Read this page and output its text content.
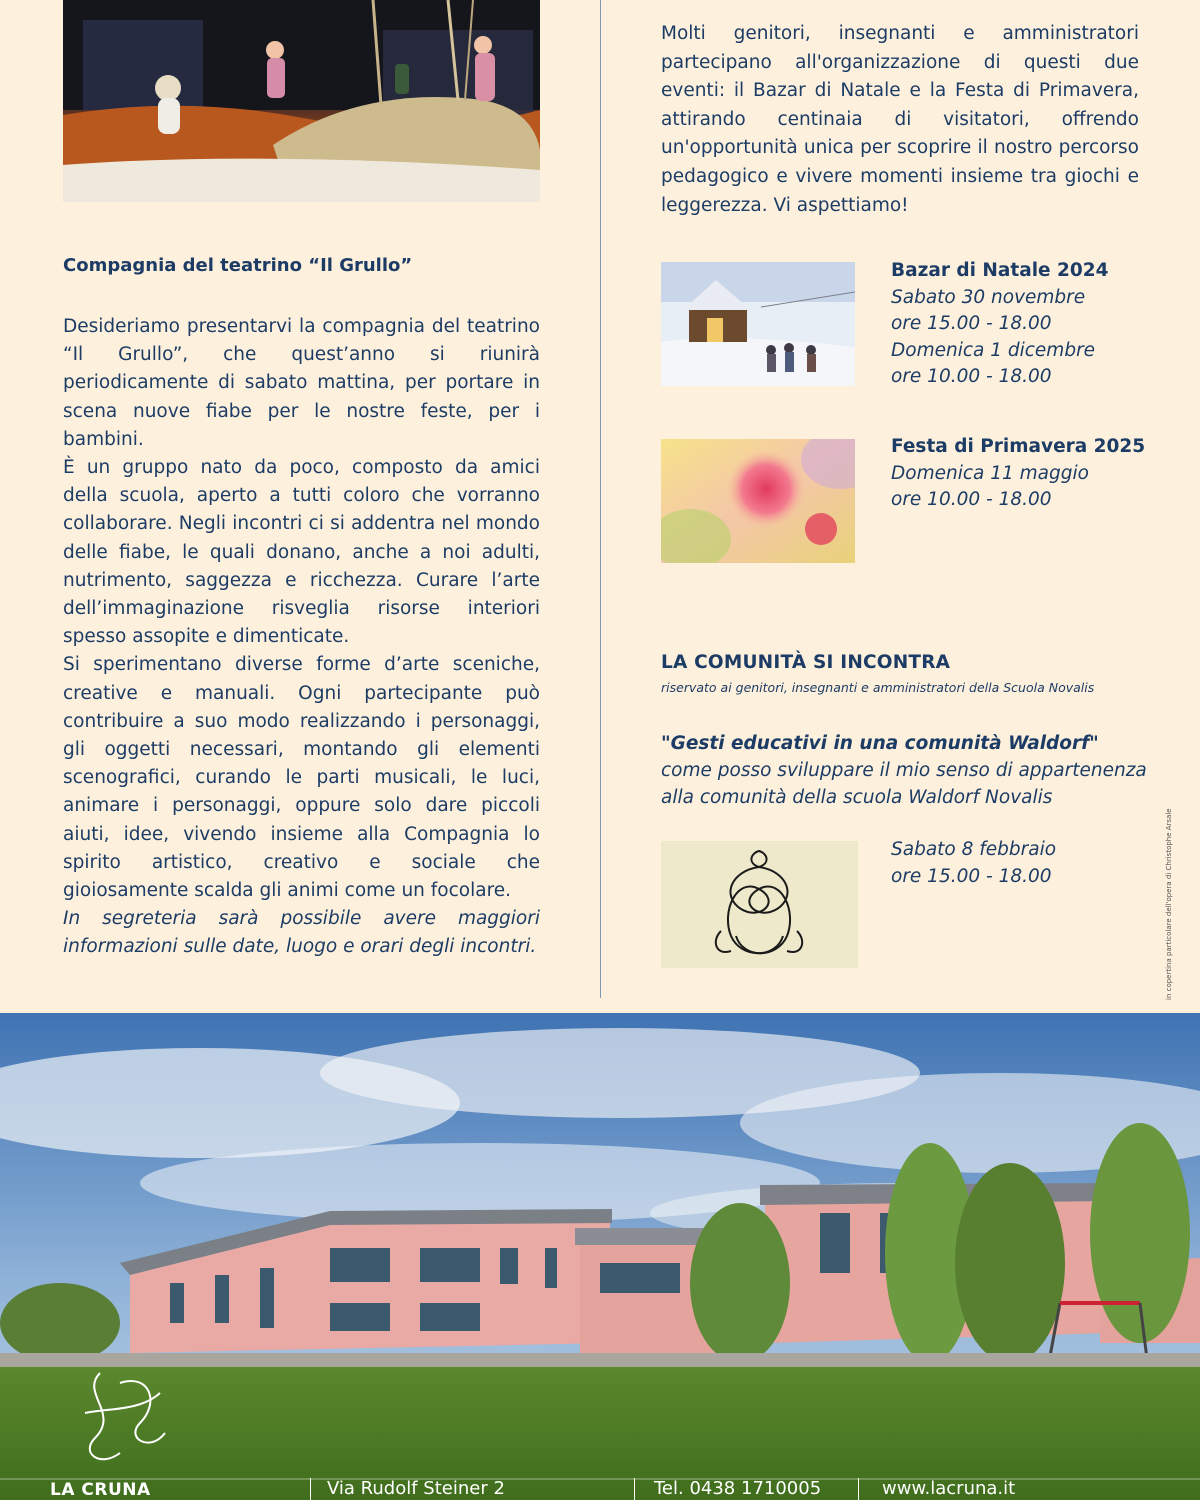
Compagnia del teatrino “Il Grullo”

Desideriamo presentarvi la compagnia del teatrino “Il Grullo”, che quest’anno si riunirà periodicamente di sabato mattina, per portare in scena nuove fiabe per le nostre feste, per i bambini.

È un gruppo nato da poco, composto da amici della scuola, aperto a tutti coloro che vorranno collaborare. Negli incontri ci si addentra nel mondo delle fiabe, le quali donano, anche a noi adulti, nutrimento, saggezza e ricchezza. Curare l’arte dell’immaginazione risveglia risorse interiori spesso assopite e dimenticate.

Si sperimentano diverse forme d’arte sceniche, creative e manuali. Ogni partecipante può contribuire a suo modo realizzando i personaggi, gli oggetti necessari, montando gli elementi scenografici, curando le parti musicali, le luci, animare i personaggi, oppure solo dare piccoli aiuti, idee, vivendo insieme alla Compagnia lo spirito artistico, creativo e sociale che gioiosamente scalda gli animi come un focolare.

In segreteria sarà possibile avere maggiori informazioni sulle date, luogo e orari degli incontri.
Molti genitori, insegnanti e amministratori partecipano all'organizzazione di questi due eventi: il Bazar di Natale e la Festa di Primavera, attirando centinaia di visitatori, offrendo un'opportunità unica per scoprire il nostro percorso pedagogico e vivere momenti insieme tra giochi e leggerezza. Vi aspettiamo!
Bazar di Natale 2024
Sabato 30 novembre
ore 15.00 - 18.00
Domenica 1 dicembre
ore 10.00 - 18.00
Festa di Primavera 2025
Domenica 11 maggio
ore 10.00 - 18.00
LA COMUNITÀ SI INCONTRA
riservato ai genitori, insegnanti e amministratori della Scuola Novalis
"Gesti educativi in una comunità Waldorf"
come posso sviluppare il mio senso di appartenenza
alla comunità della scuola Waldorf Novalis
Sabato 8 febbraio
ore 15.00 - 18.00	in copertina particolare dell'opera di Christophe Arsale
LA CRUNA	Via Rudolf Steiner 2	Tel. 0438 1710005	www.lacruna.it
